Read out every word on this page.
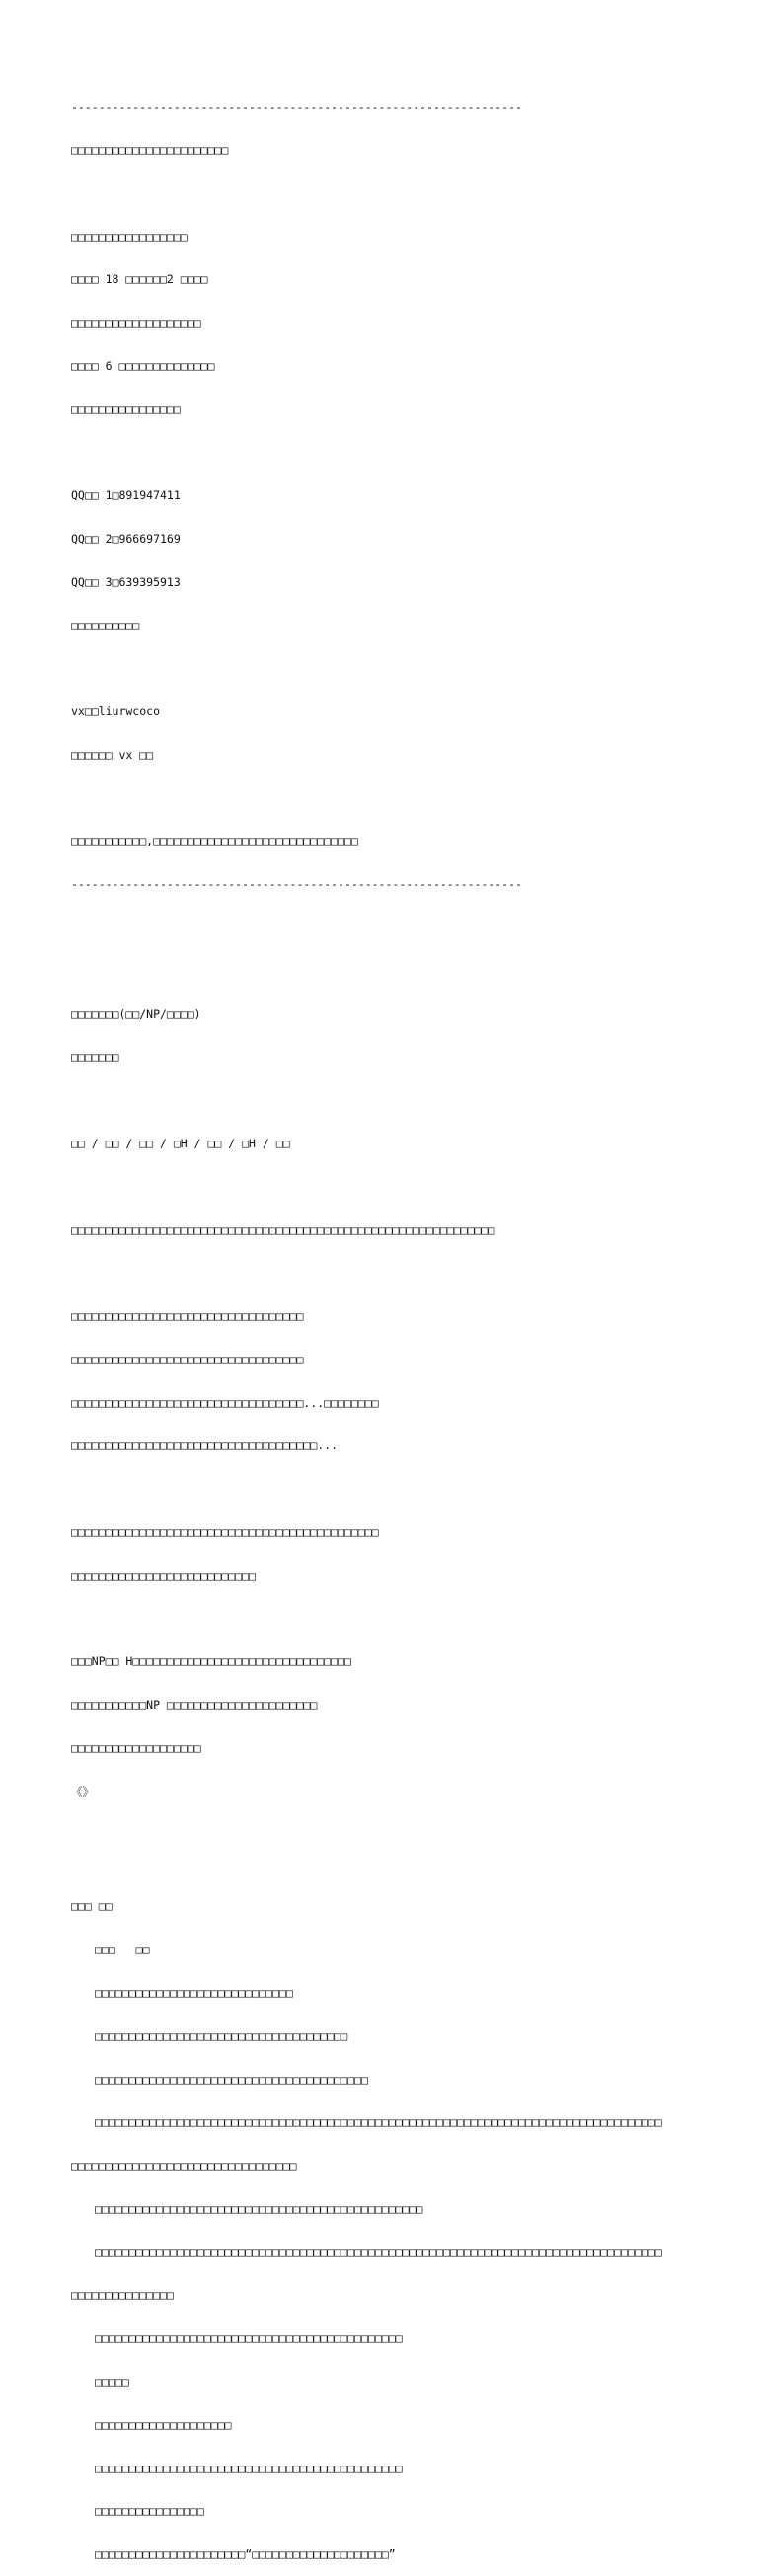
------------------------------------------------------------------

□□□□□□□□□□□□□□□□□□□□□□□

□□□□□□□□□□□□□□□□□

□□□□ 18 □□□□□□2 □□□□

□□□□□□□□□□□□□□□□□□□

□□□□ 6 □□□□□□□□□□□□□□

□□□□□□□□□□□□□□□□

QQ□□ 1□891947411

QQ□□ 2□966697169

QQ□□ 3□639395913

□□□□□□□□□□

vx□□liurwcoco

□□□□□□ vx □□

□□□□□□□□□□□,□□□□□□□□□□□□□□□□□□□□□□□□□□□□□□

------------------------------------------------------------------

□□□□□□□(□□/NP/□□□□)

□□□□□□□

□□ / □□ / □□ / □H / □□ / □H / □□

□□□□□□□□□□□□□□□□□□□□□□□□□□□□□□□□□□□□□□□□□□□□□□□□□□□□□□□□□□□□□□

□□□□□□□□□□□□□□□□□□□□□□□□□□□□□□□□□□

□□□□□□□□□□□□□□□□□□□□□□□□□□□□□□□□□□

□□□□□□□□□□□□□□□□□□□□□□□□□□□□□□□□□□...□□□□□□□□

□□□□□□□□□□□□□□□□□□□□□□□□□□□□□□□□□□□□...

□□□□□□□□□□□□□□□□□□□□□□□□□□□□□□□□□□□□□□□□□□□□□

□□□□□□□□□□□□□□□□□□□□□□□□□□□

□□□NP□□ H□□□□□□□□□□□□□□□□□□□□□□□□□□□□□□□□

□□□□□□□□□□□NP □□□□□□□□□□□□□□□□□□□□□□

□□□□□□□□□□□□□□□□□□□

《》

□□□ □□

□□□   □□

□□□□□□□□□□□□□□□□□□□□□□□□□□□□□

□□□□□□□□□□□□□□□□□□□□□□□□□□□□□□□□□□□□□

□□□□□□□□□□□□□□□□□□□□□□□□□□□□□□□□□□□□□□□□

□□□□□□□□□□□□□□□□□□□□□□□□□□□□□□□□□□□□□□□□□□□□□□□□□□□□□□□□□□□□□□□□□□□□□□□□□□□□□□□□□□□

□□□□□□□□□□□□□□□□□□□□□□□□□□□□□□□□□

□□□□□□□□□□□□□□□□□□□□□□□□□□□□□□□□□□□□□□□□□□□□□□□□

□□□□□□□□□□□□□□□□□□□□□□□□□□□□□□□□□□□□□□□□□□□□□□□□□□□□□□□□□□□□□□□□□□□□□□□□□□□□□□□□□□□

□□□□□□□□□□□□□□□

□□□□□□□□□□□□□□□□□□□□□□□□□□□□□□□□□□□□□□□□□□□□□

□□□□□

□□□□□□□□□□□□□□□□□□□□

□□□□□□□□□□□□□□□□□□□□□□□□□□□□□□□□□□□□□□□□□□□□□

□□□□□□□□□□□□□□□□

□□□□□□□□□□□□□□□□□□□□□□“□□□□□□□□□□□□□□□□□□□□”
